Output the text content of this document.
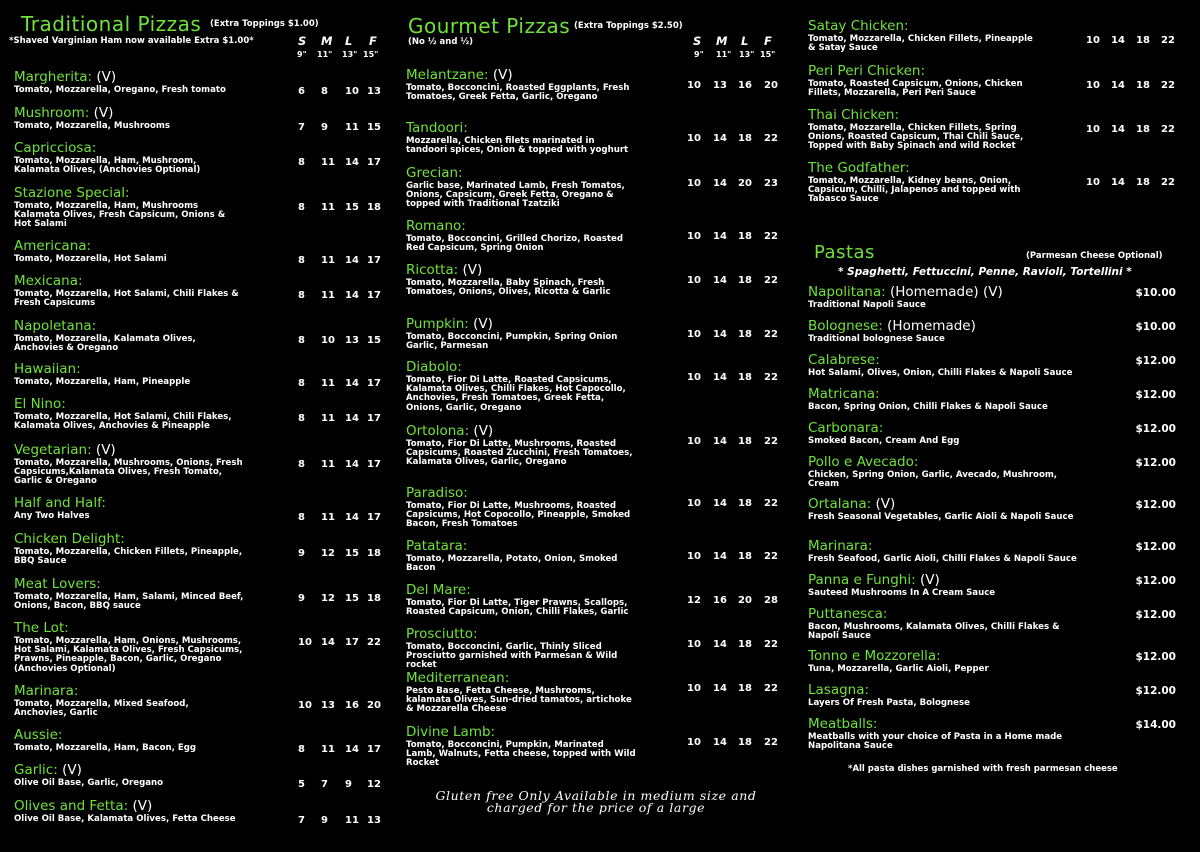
Traditional Pizzas (Extra Toppings $1.00)
*Shaved Varginian Ham now available Extra $1.00*	S M L F
9" 11" 13" 15"
Margherita: (V)
Tomato, Mozzarella, Oregano, Fresh tomato	6 8 10 13
Mushroom: (V)
Tomato, Mozzarella, Mushrooms	7 9 11 15
Capricciosa:
Tomato, Mozzarella, Ham, Mushroom, Kalamata Olives, (Anchovies Optional)
8 11 14 17
Stazione Special:
Tomato, Mozzarella, Ham, Mushrooms Kalamata Olives, Fresh Capsicum, Onions & Hot Salami
8 11 15 18
Americana:
Tomato, Mozzarella, Hot Salami	8 11 14 17
Mexicana:
Tomato, Mozzarella, Hot Salami, Chili Flakes & Fresh Capsicums
8 11 14 17
Napoletana:
Tomato, Mozzarella, Kalamata Olives, Anchovies & Oregano
8 10 13 15
Hawaiian:
Tomato, Mozzarella, Ham, Pineapple	8 11 14 17
El Nino:
Tomato, Mozzarella, Hot Salami, Chili Flakes, Kalamata Olives, Anchovies & Pineapple
8 11 14 17
Vegetarian: (V)
Tomato, Mozzarella, Mushrooms, Onions, Fresh Capsicums,Kalamata Olives, Fresh Tomato, Garlic & Oregano
8 11 14 17
Half and Half:
Any Two Halves	8 11 14 17
Chicken Delight:
Tomato, Mozzarella, Chicken Fillets, Pineapple, BBQ Sauce
9 12 15 18
Meat Lovers:
Tomato, Mozzarella, Ham, Salami, Minced Beef, Onions, Bacon, BBQ sauce
9 12 15 18
The Lot:
Tomato, Mozzarella, Ham, Onions, Mushrooms, Hot Salami, Kalamata Olives, Fresh Capsicums, Prawns, Pineapple, Bacon, Garlic, Oregano (Anchovies Optional)
10 14 17 22
Marinara:
Tomato, Mozzarella, Mixed Seafood, Anchovies, Garlic
10 13 16 20
Aussie:
Tomato, Mozzarella, Ham, Bacon, Egg	8 11 14 17
Garlic: (V)
Olive Oil Base, Garlic, Oregano	5 7 9 12
Olives and Fetta: (V)
Olive Oil Base, Kalamata Olives, Fetta Cheese	7 9 11 13
Gourmet Pizzas (Extra Toppings $2.50)
(No ½ and ½)	S M L F
9" 11" 13" 15"
Melantzane: (V)
Tomato, Bocconcini, Roasted Eggplants, Fresh Tomatoes, Greek Fetta, Garlic, Oregano
10 13 16 20
Tandoori:
Mozzarella, Chicken filets marinated in tandoori spices, Onion & topped with yoghurt
10 14 18 22
Grecian:
Garlic base, Marinated Lamb, Fresh Tomatos, Onions, Capsicum, Greek Fetta, Oregano & topped with Traditional Tzatziki
10 14 20 23
Romano:
Tomato, Bocconcini, Grilled Chorizo, Roasted Red Capsicum, Spring Onion
10 14 18 22
Ricotta: (V)
Tomato, Mozzarella, Baby Spinach, Fresh Tomatoes, Onions, Olives, Ricotta & Garlic
10 14 18 22
Pumpkin: (V)
Tomato, Bocconcini, Pumpkin, Spring Onion Garlic, Parmesan
10 14 18 22
Diabolo:
Tomato, Fior Di Latte, Roasted Capsicums, Kalamata Olives, Chilli Flakes, Hot Capocollo, Anchovies, Fresh Tomatoes, Greek Fetta, Onions, Garlic, Oregano
10 14 18 22
Ortolona: (V)
Tomato, Fior Di Latte, Mushrooms, Roasted Capsicums, Roasted Zucchini, Fresh Tomatoes, Kalamata Olives, Garlic, Oregano
10 14 18 22
Paradiso:
Tomato, Fior Di Latte, Mushrooms, Roasted Capsicums, Hot Copocollo, Pineapple, Smoked Bacon, Fresh Tomatoes
10 14 18 22
Patatara:
Tomato, Mozzarella, Potato, Onion, Smoked Bacon
10 14 18 22
Del Mare:
Tomato, Fior Di Latte, Tiger Prawns, Scallops, Roasted Capsicum, Onion, Chilli Flakes, Garlic
12 16 20 28
Prosciutto:
Tomato, Bocconcini, Garlic, Thinly Sliced Prosciutto garnished with Parmesan & Wild rocket
10 14 18 22
Mediterranean:
Pesto Base, Fetta Cheese, Mushrooms, kalamata Olives, Sun-dried tamatos, artichoke & Mozzarella Cheese
10 14 18 22
Divine Lamb:
Tomato, Bocconcini, Pumpkin, Marinated Lamb, Walnuts, Fetta cheese, topped with Wild Rocket
10 14 18 22
Gluten free Only Available in medium size and
charged for the price of a large
Satay Chicken:
Tomato, Mozzarella, Chicken Fillets, Pineapple & Satay Sauce
10 14 18 22
Peri Peri Chicken:
Tomato, Roasted Capsicum, Onions, Chicken Fillets, Mozzarella, Peri Peri Sauce
10 14 18 22
Thai Chicken:
Tomato, Mozzarella, Chicken Fillets, Spring Onions, Roasted Capsicum, Thai Chili Sauce, Topped with Baby Spinach and wild Rocket
10 14 18 22
The Godfather:
Tomato, Mozzarella, Kidney beans, Onion, Capsicum, Chilli, Jalapenos and topped with Tabasco Sauce
10 14 18 22
Pastas	(Parmesan Cheese Optional)
* Spaghetti, Fettuccini, Penne, Ravioli, Tortellini *
Napolitana: (Homemade) (V)
Traditional Napoli Sauce
$10.00
Bolognese: (Homemade)
Traditional bolognese Sauce
$10.00
Calabrese:
Hot Salami, Olives, Onion, Chilli Flakes & Napoli Sauce
$12.00
Matricana:
Bacon, Spring Onion, Chilli Flakes & Napoli Sauce
$12.00
Carbonara:
Smoked Bacon, Cream And Egg
$12.00
Pollo e Avecado:
Chicken, Spring Onion, Garlic, Avecado, Mushroom, Cream
$12.00
Ortalana: (V)
Fresh Seasonal Vegetables, Garlic Aioli & Napoli Sauce
$12.00
Marinara:
Fresh Seafood, Garlic Aioli, Chilli Flakes & Napoli Sauce
$12.00
Panna e Funghi: (V)
Sauteed Mushrooms In A Cream Sauce
$12.00
Puttanesca:
Bacon, Mushrooms, Kalamata Olives, Chilli Flakes & Napoli Sauce
$12.00
Tonno e Mozzorella:
Tuna, Mozzarella, Garlic Aioli, Pepper
$12.00
Lasagna:
Layers Of Fresh Pasta, Bolognese
$12.00
Meatballs:
Meatballs with your choice of Pasta in a Home made Napolitana Sauce
$14.00
*All pasta dishes garnished with fresh parmesan cheese
